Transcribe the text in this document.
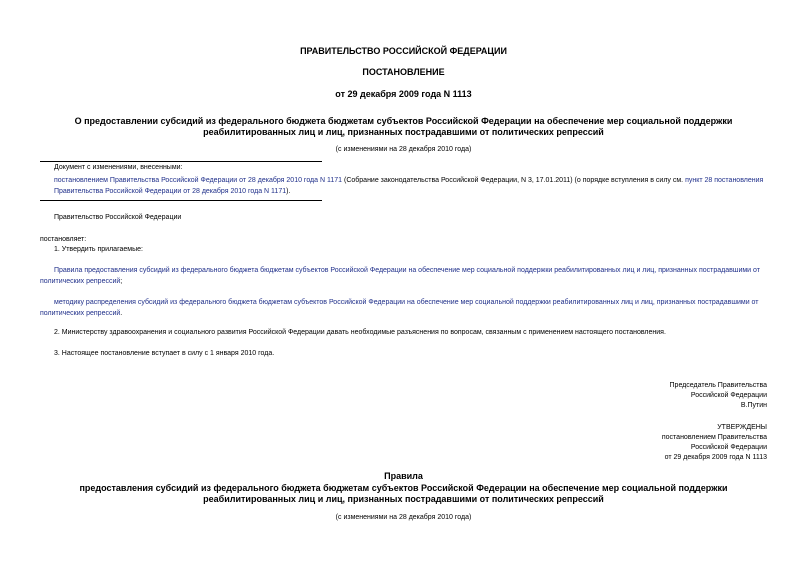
ПРАВИТЕЛЬСТВО РОССИЙСКОЙ ФЕДЕРАЦИИ
ПОСТАНОВЛЕНИЕ
от 29 декабря 2009 года N 1113
О предоставлении субсидий из федерального бюджета бюджетам субъектов Российской Федерации на обеспечение мер социальной поддержки
реабилитированных лиц и лиц, признанных пострадавшими от политических репрессий
(с изменениями на 28 декабря 2010 года)
Документ с изменениями, внесенными:
постановлением Правительства Российской Федерации от 28 декабря 2010 года N 1171 (Собрание законодательства Российской Федерации, N 3, 17.01.2011) (о порядке вступления в силу см. пункт 28 постановления Правительства Российской Федерации от 28 декабря 2010 года N 1171).
Правительство Российской Федерации
постановляет:
1. Утвердить прилагаемые:
Правила предоставления субсидий из федерального бюджета бюджетам субъектов Российской Федерации на обеспечение мер социальной поддержки реабилитированных лиц и лиц, признанных пострадавшими от политических репрессий;
методику распределения субсидий из федерального бюджета бюджетам субъектов Российской Федерации на обеспечение мер социальной поддержки реабилитированных лиц и лиц, признанных пострадавшими от политических репрессий.
2. Министерству здравоохранения и социального развития Российской Федерации давать необходимые разъяснения по вопросам, связанным с применением настоящего постановления.
3. Настоящее постановление вступает в силу с 1 января 2010 года.
Председатель Правительства
Российской Федерации
В.Путин
УТВЕРЖДЕНЫ
постановлением Правительства
Российской Федерации
от 29 декабря 2009 года N 1113
Правила
предоставления субсидий из федерального бюджета бюджетам субъектов Российской Федерации на обеспечение мер социальной поддержки
реабилитированных лиц и лиц, признанных пострадавшими от политических репрессий
(с изменениями на 28 декабря 2010 года)
